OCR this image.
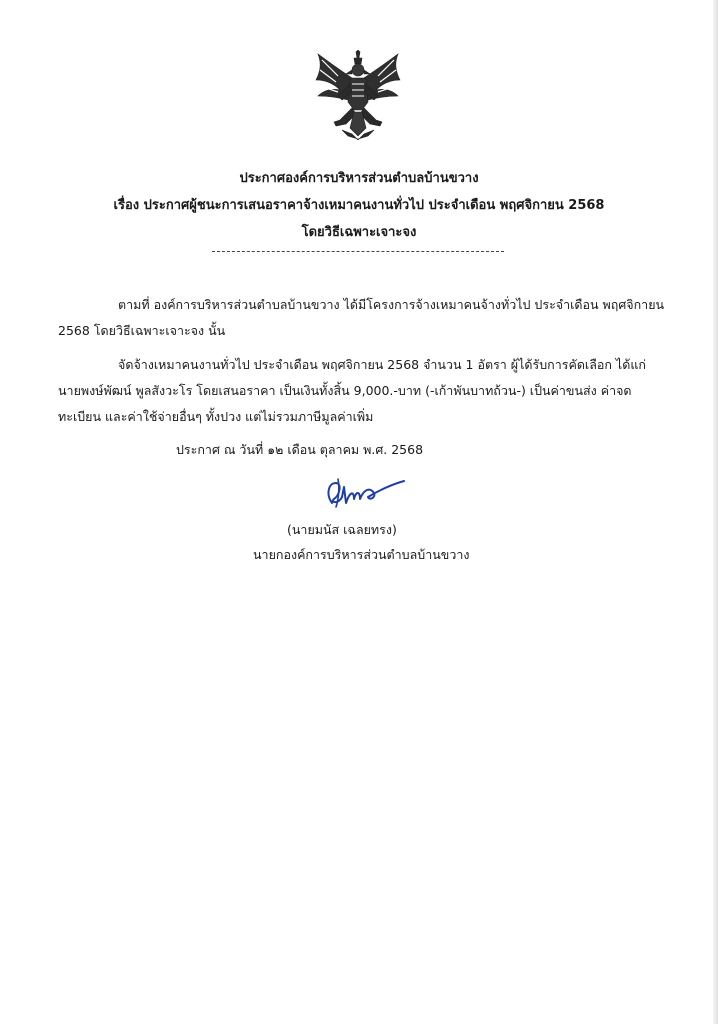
ประกาศองค์การบริหารส่วนตำบลบ้านขวาง
เรื่อง ประกาศผู้ชนะการเสนอราคาจ้างเหมาคนงานทั่วไป ประจำเดือน พฤศจิกายน 2568
โดยวิธีเฉพาะเจาะจง
ตามที่ องค์การบริหารส่วนตำบลบ้านขวาง ได้มีโครงการจ้างเหมาคนจ้างทั่วไป ประจำเดือน พฤศจิกายน
2568 โดยวิธีเฉพาะเจาะจง นั้น
จัดจ้างเหมาคนงานทั่วไป ประจำเดือน พฤศจิกายน 2568 จำนวน 1 อัตรา ผู้ได้รับการคัดเลือก ได้แก่
นายพงษ์พัฒน์ พูลสังวะโร โดยเสนอราคา เป็นเงินทั้งสิ้น 9,000.-บาท (-เก้าพันบาทถ้วน-) เป็นค่าขนส่ง ค่าจด
ทะเบียน และค่าใช้จ่ายอื่นๆ ทั้งปวง แต่ไม่รวมภาษีมูลค่าเพิ่ม
ประกาศ ณ วันที่ ๑๒ เดือน ตุลาคม พ.ศ. 2568
(นายมนัส เฉลยทรง)
นายกองค์การบริหารส่วนตำบลบ้านขวาง
